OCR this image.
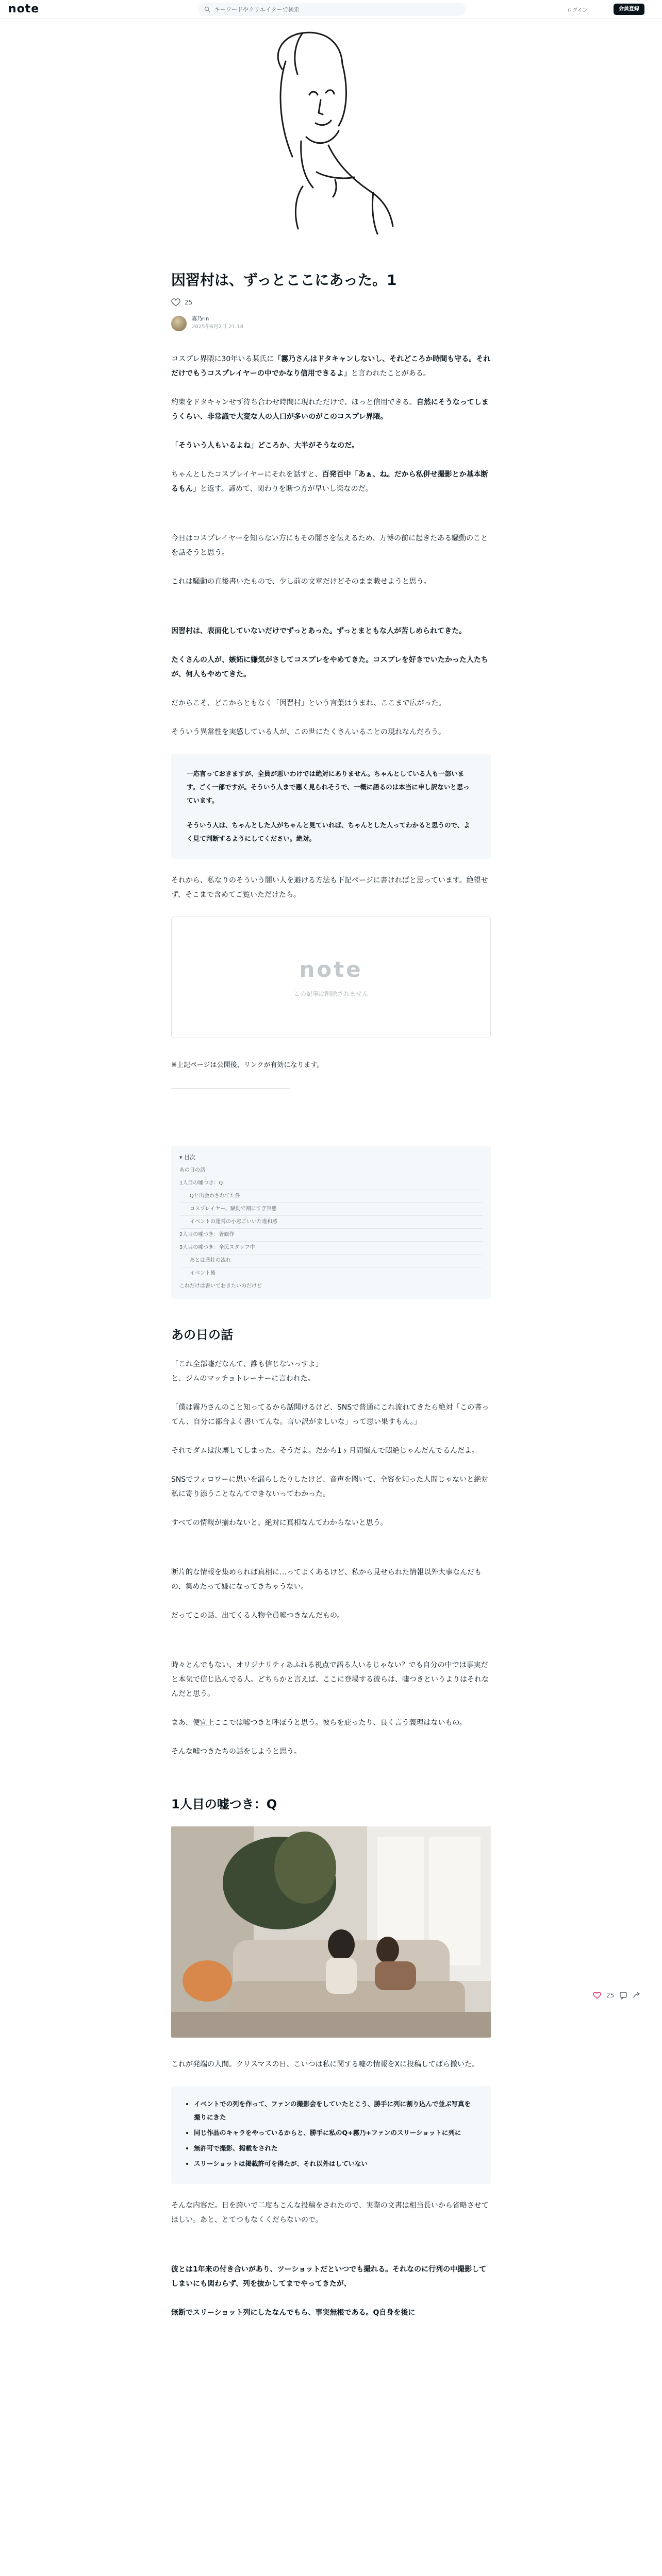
note
キーワードやクリエイターで検索	ログイン	会員登録
因習村は、ずっとここにあった。1
25
霧乃rin
2025年6月2日 21:18

コスプレ界隈に30年いる某氏に「霧乃さんはドタキャンしないし、それどころか時間も守る。それだけでもうコスプレイヤーの中でかなり信用できるよ」と言われたことがある。

約束をドタキャンせず待ち合わせ時間に現れただけで、ほっと信用できる。自然にそうなってしまうくらい、非常識で大変な人の人口が多いのがこのコスプレ界隈。

「そういう人もいるよね」どころか、大半がそうなのだ。

ちゃんとしたコスプレイヤーにそれを話すと、百発百中「あぁ、ね。だから私併せ撮影とか基本断るもん」と返す。諦めて、関わりを断つ方が早いし楽なのだ。

今日はコスプレイヤーを知らない方にもその闇さを伝えるため、万博の前に起きたある騒動のことを話そうと思う。

これは騒動の直後書いたもので、少し前の文章だけどそのまま載せようと思う。

因習村は、表面化していないだけでずっとあった。ずっとまともな人が苦しめられてきた。

たくさんの人が、嫉妬に嫌気がさしてコスプレをやめてきた。コスプレを好きでいたかった人たちが、何人もやめてきた。

だからこそ、どこからともなく「因習村」という言葉はうまれ、ここまで広がった。

そういう異常性を実感している人が、この世にたくさんいることの現れなんだろう。

一応言っておきますが、全員が悪いわけでは絶対にありません。ちゃんとしている人も一部います。ごく一部ですが。そういう人まで悪く見られそうで、一概に語るのは本当に申し訳ないと思っています。

そういう人は、ちゃんとした人がちゃんと見ていれば、ちゃんとした人ってわかると思うので、よく見て判断するようにしてください。絶対。

それから、私なりのそういう闇い人を避ける方法も下記ページに書けれぱと思っています。絶望せず、そこまで含めてご覧いただけたら。

note
この記事は削除されません

※上記ページは公開後、リンクが有効になります。

▾ 目次
あの日の話
1人目の嘘つき：Q
Qと出会わされてた件
コスプレイヤー、騒動で割にすぎ容態
イベントの運営の小窓ごいいた違和感
2人目の嘘つき：著観作
3人目の嘘つき：全民スタッフ中
あとは悲壮の流れ
イベント後
これだけは書いておきたいのだけど
あの日の話

「これ全部嘘だなんて、誰も信じないっすよ」
と、ジムのマッチョトレーナーに言われた。

「僕は霧乃さんのこと知ってるから話聞けるけど、SNSで普通にこれ流れてきたら絶対「この書ってん、自分に都合よく書いてんな。言い訳がましいな」って思い果すもん。」

それでダムは決壊してしまった。そうだよ。だから1ヶ月間悩んで悶絶じゃんだんでるんだよ。

SNSでフォロワーに思いを漏らしたりしたけど、音声を聞いて、全容を知った人間じゃないと絶対私に寄り添うことなんてできないってわかった。

すべての情報が揃わないと、絶対に真相なんてわからないと思う。

断片的な情報を集められば真相に…ってよくあるけど、私から見せられた情報以外大事なんだもの、集めたって嫌になってきちゃうない。

だってこの話、出てくる人物全員嘘つきなんだもの。

時々とんでもない、オリジナリティあふれる視点で語る人いるじゃない？でも自分の中では事実だと本気で信じ込んでる人。どちらかと言えば、ここに登場する彼らは、嘘つきというよりはそれなんだと思う。

まあ、便宜上ここでは嘘つきと呼ぼうと思う。彼らを庇ったり、良く言う義理はないもの。

そんな嘘つきたちの話をしようと思う。

1人目の嘘つき：Q

これが発端の人間。クリスマスの日、こいつは私に関する嘘の情報をXに投稿してばら撒いた。

• イベントでの列を作って、ファンの撮影会をしていたとこう、勝手に列に割り込んで並ぶ写真を撮りにきた
• 同じ作品のキャラをやっているからと、勝手に私のQ+霧乃+ファンのスリーショットに列に
• 無許可で撮影、掲載をされた
• スリーショットは掲載許可を得たが、それ以外はしていない

そんな内容だ。日を跨いで二度もこんな投稿をされたので、実際の文書は相当長いから省略させてほしい。あと、とてつもなくくだらないので。

彼とは1年来の付き合いがあり、ツーショットだといつでも撮れる。それなのに行列の中撮影してしまいにも関わらず、列を抜かしてまでやってきたが、

無断でスリーショット列にしたなんでもら、事実無根である。Q自身を後に

25
